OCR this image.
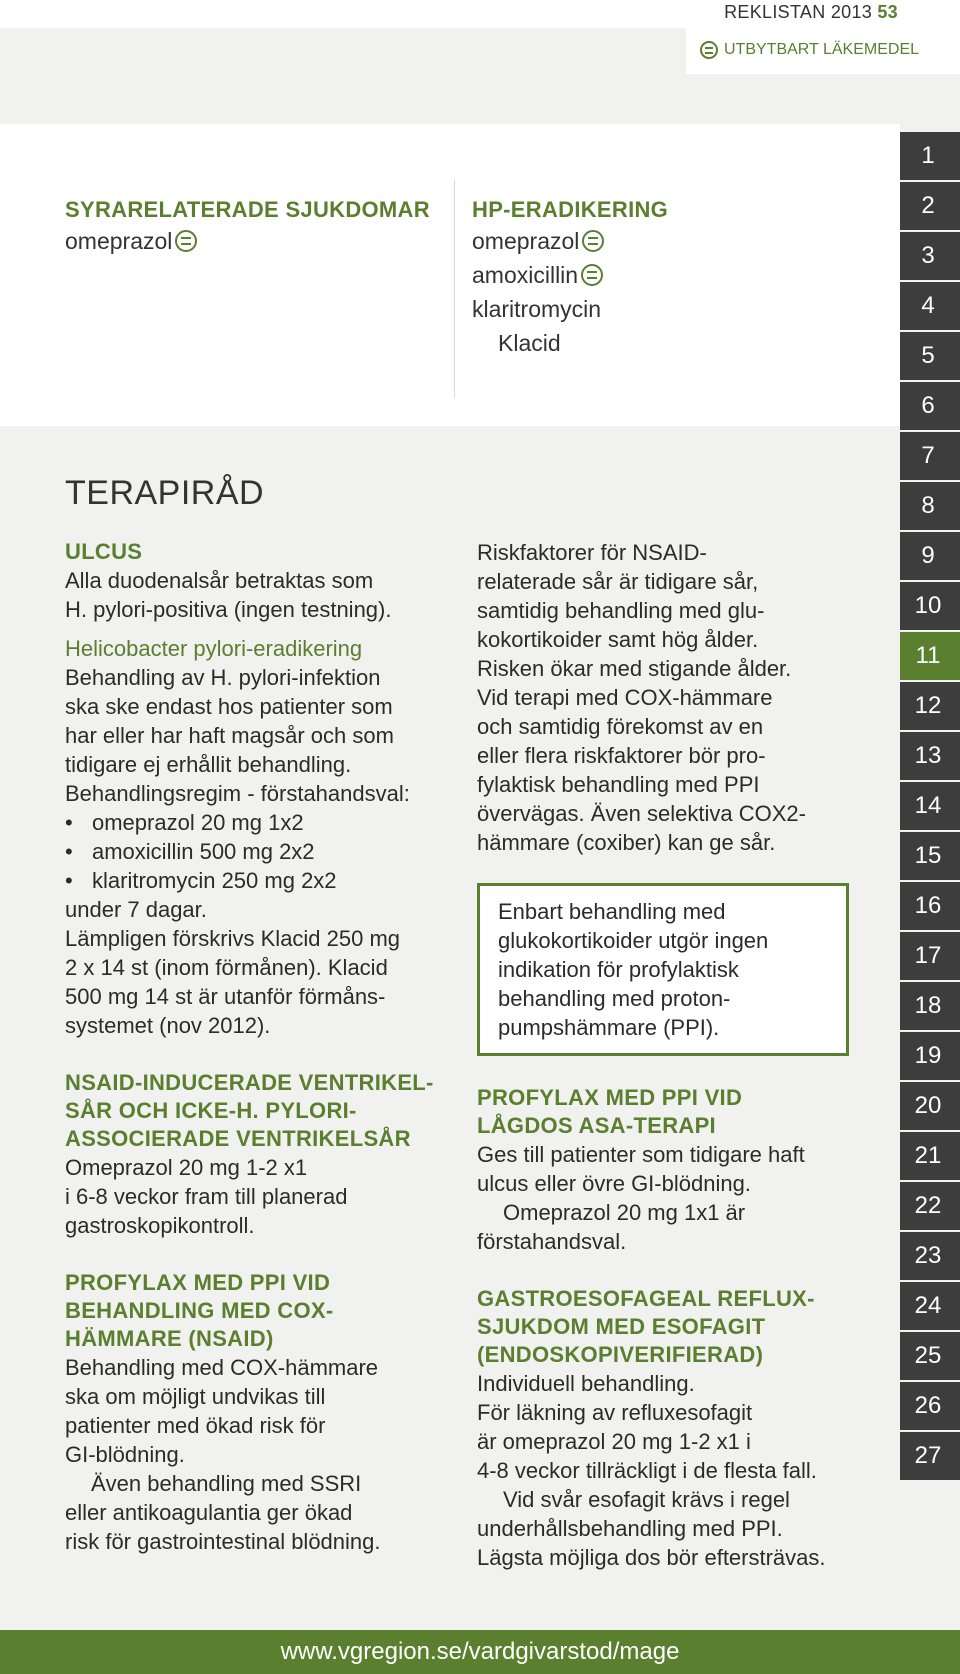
REKLISTAN 2013 53
UTBYTBART LÄKEMEDEL
SYRARELATERADE SJUKDOMAR
omeprazol
HP-ERADIKERING
omeprazol
amoxicillin
klaritromycin
Klacid
TERAPIRÅD
ULCUS
Alla duodenalsår betraktas som
H. pylori-positiva (ingen testning).
Helicobacter pylori-eradikering
Behandling av H. pylori-infektion
ska ske endast hos patienter som
har eller har haft magsår och som
tidigare ej erhållit behandling.
Behandlingsregim - förstahandsval:
• omeprazol 20 mg 1x2
• amoxicillin 500 mg 2x2
• klaritromycin 250 mg 2x2
under 7 dagar.
Lämpligen förskrivs Klacid 250 mg
2 x 14 st (inom förmånen). Klacid
500 mg 14 st är utanför förmåns-
systemet (nov 2012).
NSAID-INDUCERADE VENTRIKEL-
SÅR OCH ICKE-H. PYLORI-
ASSOCIERADE VENTRIKELSÅR
Omeprazol 20 mg 1-2 x1
i 6-8 veckor fram till planerad
gastroskopikontroll.
PROFYLAX MED PPI VID
BEHANDLING MED COX-
HÄMMARE (NSAID)
Behandling med COX-hämmare
ska om möjligt undvikas till
patienter med ökad risk för
GI-blödning.
Även behandling med SSRI
eller antikoagulantia ger ökad
risk för gastrointestinal blödning.
Riskfaktorer för NSAID-
relaterade sår är tidigare sår,
samtidig behandling med glu-
kokortikoider samt hög ålder.
Risken ökar med stigande ålder.
Vid terapi med COX-hämmare
och samtidig förekomst av en
eller flera riskfaktorer bör pro-
fylaktisk behandling med PPI
övervägas. Även selektiva COX2-
hämmare (coxiber) kan ge sår.
Enbart behandling med
glukokortikoider utgör ingen
indikation för profylaktisk
behandling med proton-
pumpshämmare (PPI).
PROFYLAX MED PPI VID
LÅGDOS ASA-TERAPI
Ges till patienter som tidigare haft
ulcus eller övre GI-blödning.
Omeprazol 20 mg 1x1 är
förstahandsval.
GASTROESOFAGEAL REFLUX-
SJUKDOM MED ESOFAGIT
(ENDOSKOPIVERIFIERAD)
Individuell behandling.
För läkning av refluxesofagit
är omeprazol 20 mg 1-2 x1 i
4-8 veckor tillräckligt i de flesta fall.
Vid svår esofagit krävs i regel
underhållsbehandling med PPI.
Lägsta möjliga dos bör eftersträvas.
1
2
3
4
5
6
7
8
9
10
11
12
13
14
15
16
17
18
19
20
21
22
23
24
25
26
27
www.vgregion.se/vardgivarstod/mage
